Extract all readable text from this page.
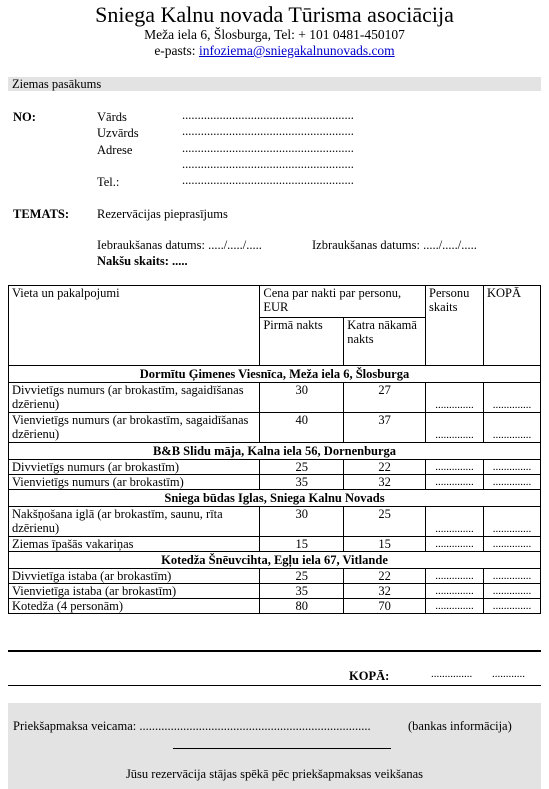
Sniega Kalnu novada Tūrisma asociācija
Meža iela 6, Šlosburga, Tel: + 101 0481-450107
e-pasts: infoziema@sniegakalnunovads.com
Ziemas pasākums
NO:	Vārds	.......................................................
Uzvārds	.......................................................
Adrese	.......................................................
.......................................................
Tel.:	.......................................................
TEMATS: Rezervācijas pieprasījums
Iebraukšanas datums: ...../...../.....	Izbraukšanas datums: ...../...../.....
Nakšu skaits: .....
Vieta un pakalpojumi	Cena par nakti par personu, EUR		Personu skaits	KOPĀ
	Pirmā nakts	Katra nākamā nakts		
Dormītu Ģimenes Viesnīca, Meža iela 6, Šlosburga				
Divvietīgs numurs (ar brokastīm, sagaidīšanas dzērienu)	30	27	..............	..............
Vienvietīgs numurs (ar brokastīm, sagaidīšanas dzērienu)	40	37	..............	..............
B&B Slidu māja, Kalna iela 56, Dornenburga				
Divvietīgs numurs (ar brokastīm)	25	22	..............	..............
Vienvietīgs numurs (ar brokastīm)	35	32	..............	..............
Sniega būdas Iglas, Sniega Kalnu Novads				
Nakšņošana iglā (ar brokastīm, saunu, rīta dzērienu)	30	25	..............	..............
Ziemas īpašās vakariņas	15	15	..............	..............
Kotedža Šnēuvcihta, Egļu iela 67, Vitlande				
Divvietīga istaba (ar brokastīm)	25	22	..............	..............
Vienvietīga istaba (ar brokastīm)	35	32	..............	..............
Kotedža (4 personām)	80	70	..............	..............
KOPĀ:	............... ............
Priekšapmaksa veicama: ..........................................................................	(bankas informācija)
Jūsu rezervācija stājas spēkā pēc priekšapmaksas veikšanas
